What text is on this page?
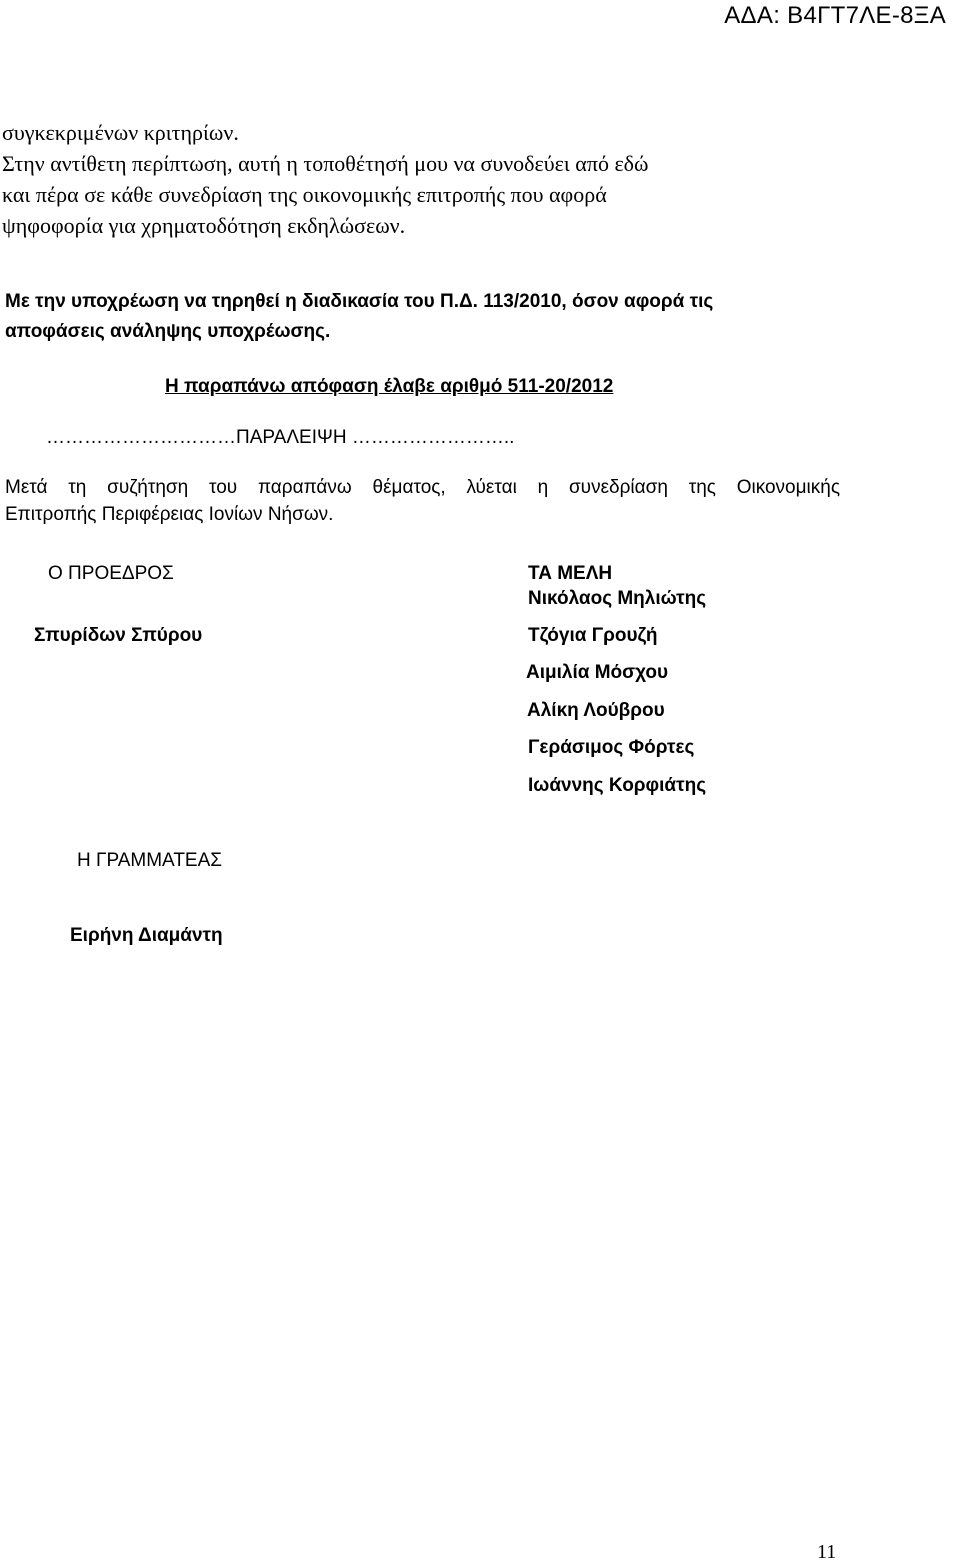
ΑΔΑ: Β4ΓΤ7ΛΕ-8ΞΑ
συγκεκριμένων κριτηρίων.
Στην αντίθετη περίπτωση, αυτή η τοποθέτησή μου να συνοδεύει από εδώ
και πέρα σε κάθε συνεδρίαση της οικονομικής επιτροπής που αφορά
ψηφοφορία για χρηματοδότηση εκδηλώσεων.
Με την υποχρέωση να τηρηθεί η διαδικασία του Π.Δ. 113/2010, όσον αφορά τις
αποφάσεις ανάληψης υποχρέωσης.
Η παραπάνω απόφαση έλαβε αριθμό 511-20/2012
…………………………ΠΑΡΑΛΕΙΨΗ ……………………..
Μετά τη συζήτηση του παραπάνω θέματος, λύεται η συνεδρίαση της Οικονομικής
Επιτροπής Περιφέρειας Ιονίων Νήσων.
Ο ΠΡΟΕΔΡΟΣ
Σπυρίδων Σπύρου
ΤΑ ΜΕΛΗ
Νικόλαος Μηλιώτης
Τζόγια Γρουζή
Αιμιλία Μόσχου
Αλίκη Λούβρου
Γεράσιμος Φόρτες
Ιωάννης Κορφιάτης
Η ΓΡΑΜΜΑΤΕΑΣ
Ειρήνη Διαμάντη
11
